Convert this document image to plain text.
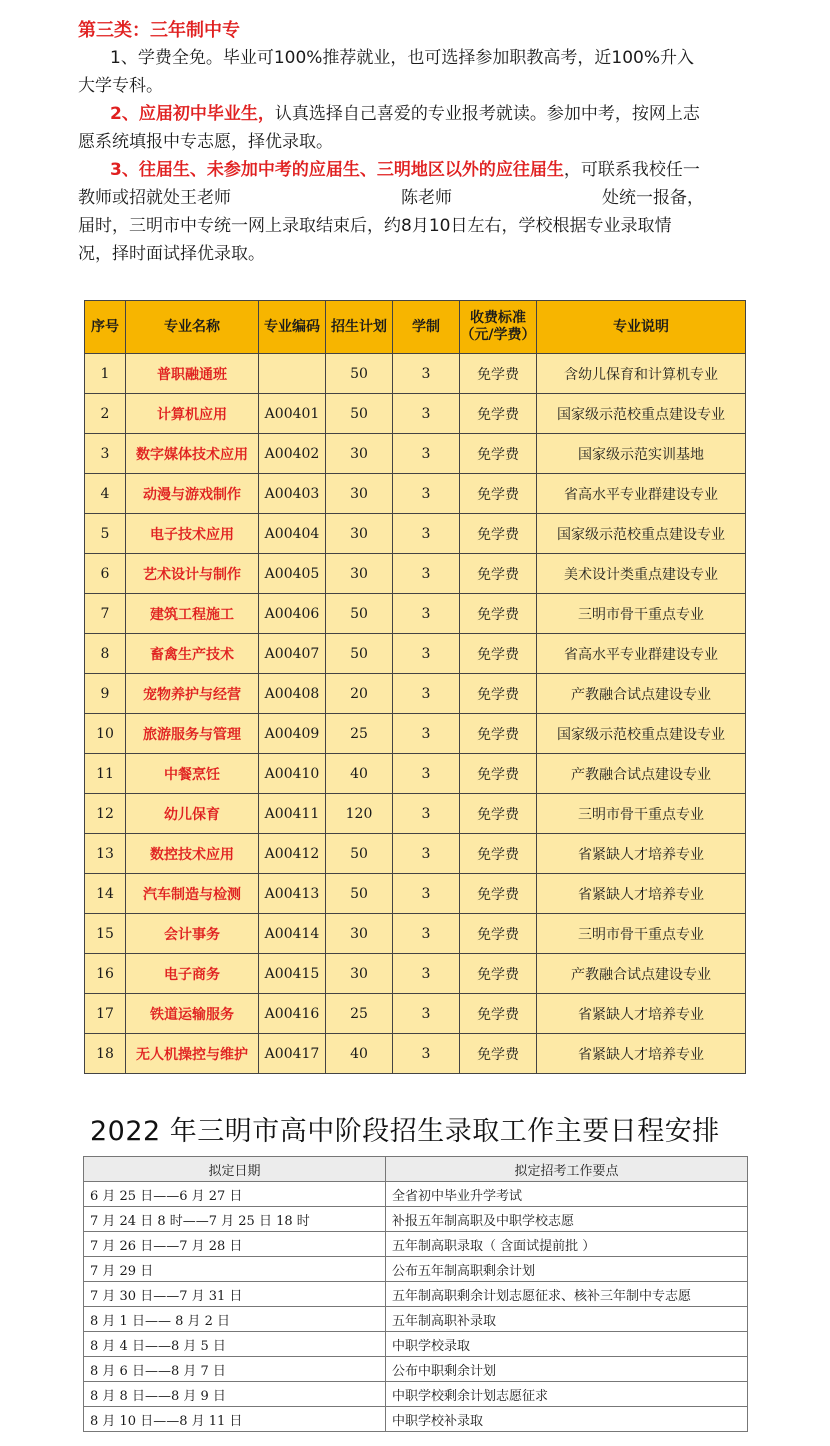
第三类：三年制中专
1、学费全免。毕业可100%推荐就业，也可选择参加职教高考，近100%升入
大学专科。
2、应届初中毕业生，认真选择自己喜爱的专业报考就读。参加中考，按网上志
愿系统填报中专志愿，择优录取。
3、往届生、未参加中考的应届生、三明地区以外的应往届生，可联系我校任一
教师或招就处王老师	陈老师	处统一报备，
届时，三明市中专统一网上录取结束后，约8月10日左右，学校根据专业录取情
况，择时面试择优录取。
序号	专业名称	专业编码	招生计划	学制	收费标准（元/学费）	专业说明
1	普职融通班		50	3	免学费	含幼儿保育和计算机专业
2	计算机应用	A00401	50	3	免学费	国家级示范校重点建设专业
3	数字媒体技术应用	A00402	30	3	免学费	国家级示范实训基地
4	动漫与游戏制作	A00403	30	3	免学费	省高水平专业群建设专业
5	电子技术应用	A00404	30	3	免学费	国家级示范校重点建设专业
6	艺术设计与制作	A00405	30	3	免学费	美术设计类重点建设专业
7	建筑工程施工	A00406	50	3	免学费	三明市骨干重点专业
8	畜禽生产技术	A00407	50	3	免学费	省高水平专业群建设专业
9	宠物养护与经营	A00408	20	3	免学费	产教融合试点建设专业
10	旅游服务与管理	A00409	25	3	免学费	国家级示范校重点建设专业
11	中餐烹饪	A00410	40	3	免学费	产教融合试点建设专业
12	幼儿保育	A00411	120	3	免学费	三明市骨干重点专业
13	数控技术应用	A00412	50	3	免学费	省紧缺人才培养专业
14	汽车制造与检测	A00413	50	3	免学费	省紧缺人才培养专业
15	会计事务	A00414	30	3	免学费	三明市骨干重点专业
16	电子商务	A00415	30	3	免学费	产教融合试点建设专业
17	铁道运输服务	A00416	25	3	免学费	省紧缺人才培养专业
18	无人机操控与维护	A00417	40	3	免学费	省紧缺人才培养专业
2022 年三明市高中阶段招生录取工作主要日程安排
拟定日期	拟定招考工作要点
6 月 25 日——6 月 27 日	全省初中毕业升学考试
7 月 24 日 8 时——7 月 25 日 18 时	补报五年制高职及中职学校志愿
7 月 26 日——7 月 28 日	五年制高职录取（ 含面试提前批 ）
7 月 29 日	公布五年制高职剩余计划
7 月 30 日——7 月 31 日	五年制高职剩余计划志愿征求、核补三年制中专志愿
8 月 1 日—— 8 月 2 日	五年制高职补录取
8 月 4 日——8 月 5 日	中职学校录取
8 月 6 日——8 月 7 日	公布中职剩余计划
8 月 8 日——8 月 9 日	中职学校剩余计划志愿征求
8 月 10 日——8 月 11 日	中职学校补录取
